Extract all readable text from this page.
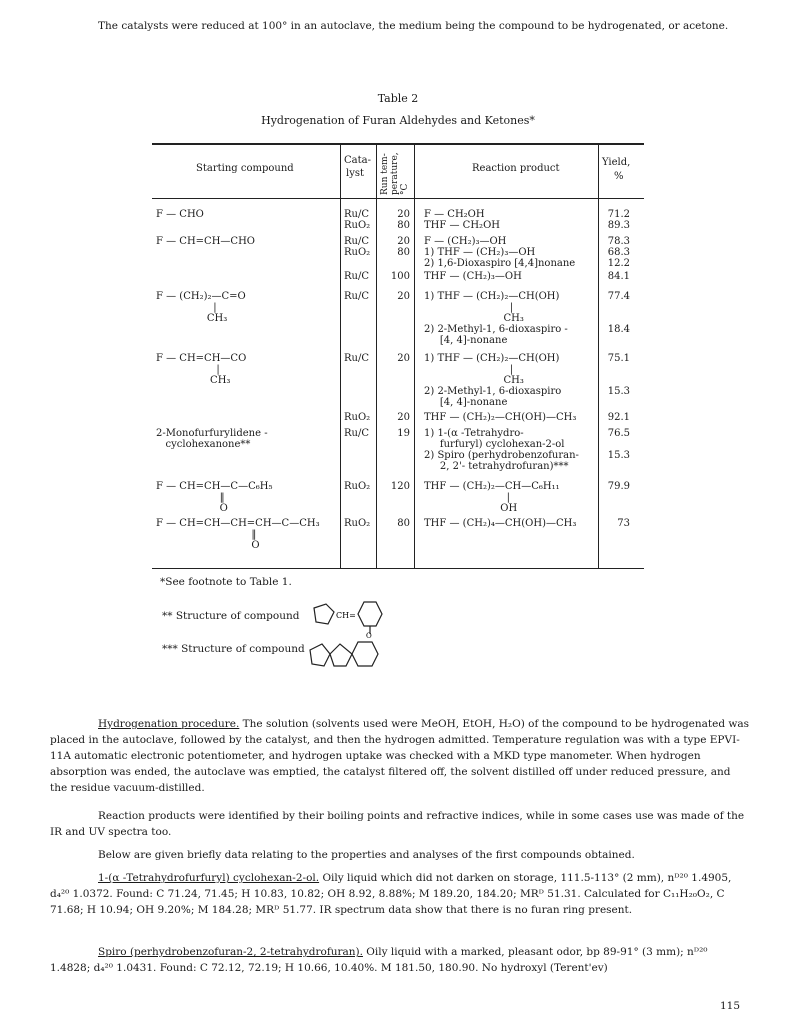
The catalysts were reduced at 100° in an autoclave, the medium being the compound to be hydrogenated, or acetone.
Table 2
Hydrogenation of Furan Aldehydes and Ketones*
Starting compound
Cata-
lyst Run tem-perature, °C
Reaction product
Yield,
%
F — CHO
F — CH=CH—CHO
F — (CH₂)₂—C=O
|
CH₃
F — CH=CH—CO
|
CH₃
2-Monofurfurylidene -
cyclohexanone**
F — CH=CH—C—C₆H₅
‖
O
F — CH=CH—CH=CH—C—CH₃
‖
O
Ru/C
RuO₂
Ru/C
RuO₂
Ru/C
Ru/C
Ru/C
RuO₂
Ru/C
RuO₂
RuO₂
20
80
20
80
100
20
20
20
19
120
80
F — CH₂OH
THF — CH₂OH
F — (CH₂)₃—OH
1) THF — (CH₂)₃—OH
2) 1,6-Dioxaspiro [4,4]nonane
THF — (CH₂)₃—OH
1) THF — (CH₂)₂—CH(OH)
|
CH₃
2) 2-Methyl-1, 6-dioxaspiro -
[4, 4]-nonane
1) THF — (CH₂)₂—CH(OH)
|
CH₃
2) 2-Methyl-1, 6-dioxaspiro
[4, 4]-nonane
THF — (CH₂)₂—CH(OH)—CH₃
1) 1-(α -Tetrahydro-
furfuryl) cyclohexan-2-ol
2) Spiro (perhydrobenzofuran-
2, 2'- tetrahydrofuran)***
THF — (CH₂)₂—CH—C₆H₁₁
|
OH
THF — (CH₂)₄—CH(OH)—CH₃
71.2
89.3
78.3
68.3
12.2
84.1
77.4

18.4
75.1

15.3
92.1
76.5

15.3
79.9
73
*See footnote to Table 1.
** Structure of compound	CH=
O
*** Structure of compound
Hydrogenation procedure. The solution (solvents used were MeOH, EtOH, H₂O) of the compound to be hydrogenated was placed in the autoclave, followed by the catalyst, and then the hydrogen admitted. Temperature regulation was with a type EPVI-11A automatic electronic potentiometer, and hydrogen uptake was checked with a MKD type manometer. When hydrogen absorption was ended, the autoclave was emptied, the catalyst filtered off, the solvent distilled off under reduced pressure, and the residue vacuum-distilled.
Reaction products were identified by their boiling points and refractive indices, while in some cases use was made of the IR and UV spectra too.
Below are given briefly data relating to the properties and analyses of the first compounds obtained.
1-(α -Tetrahydrofurfuryl) cyclohexan-2-ol. Oily liquid which did not darken on storage, 111.5-113° (2 mm), nᴰ²⁰ 1.4905, d₄²⁰ 1.0372. Found: C 71.24, 71.45; H 10.83, 10.82; OH 8.92, 8.88%; M 189.20, 184.20; MRᴰ 51.31. Calculated for C₁₁H₂₀O₂, C 71.68; H 10.94; OH 9.20%; M 184.28; MRᴰ 51.77. IR spectrum data show that there is no furan ring present.
Spiro (perhydrobenzofuran-2, 2-tetrahydrofuran). Oily liquid with a marked, pleasant odor, bp 89-91° (3 mm); nᴰ²⁰ 1.4828; d₄²⁰ 1.0431. Found: C 72.12, 72.19; H 10.66, 10.40%. M 181.50, 180.90. No hydroxyl (Terent'ev)
115
